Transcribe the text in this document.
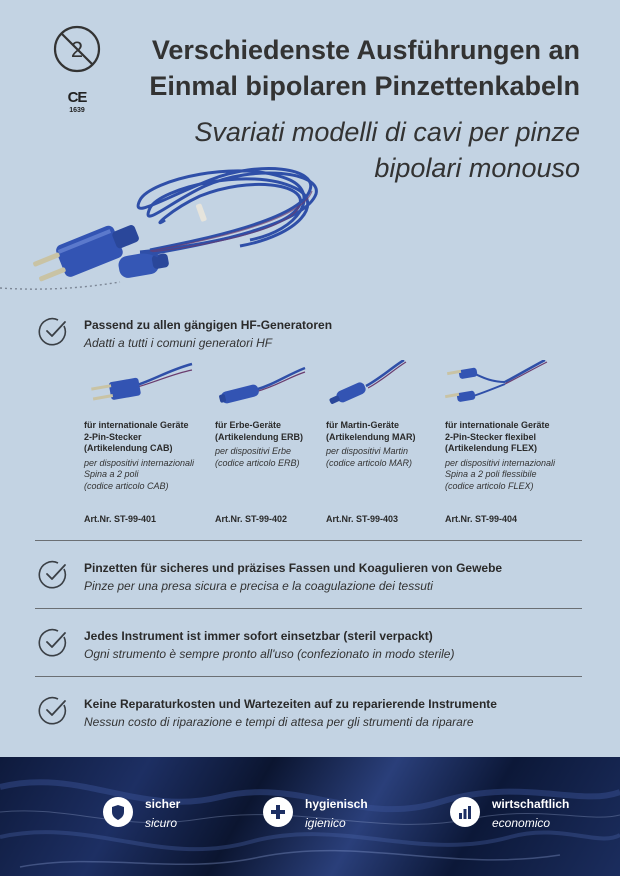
2
CE
1639
Verschiedenste Ausführungen an
Einmal bipolaren Pinzettenkabeln
Svariati modelli di cavi per pinze
bipolari monouso
Passend zu allen gängigen HF-Generatoren
Adatti a tutti i comuni generatori HF
für internationale Geräte
2-Pin-Stecker
(Artikelendung CAB)
per dispositivi internazionali
Spina a 2 poli
(codice articolo CAB)
Art.Nr. ST-99-401
für Erbe-Geräte
(Artikelendung ERB)
per dispositivi Erbe
(codice articolo ERB)
Art.Nr. ST-99-402
für Martin-Geräte
(Artikelendung MAR)
per dispositivi Martin
(codice articolo MAR)
Art.Nr. ST-99-403
für internationale Geräte
2-Pin-Stecker flexibel
(Artikelendung FLEX)
per dispositivi internazionali
Spina a 2 poli flessibile
(codice articolo FLEX)
Art.Nr. ST-99-404
Pinzetten für sicheres und präzises Fassen und Koagulieren von Gewebe
Pinze per una presa sicura e precisa e la coagulazione dei tessuti
Jedes Instrument ist immer sofort einsetzbar (steril verpackt)
Ogni strumento è sempre pronto all'uso (confezionato in modo sterile)
Keine Reparaturkosten und Wartezeiten auf zu reparierende Instrumente
Nessun costo di riparazione e tempi di attesa per gli strumenti da riparare
sicher
sicuro
hygienisch
igienico
wirtschaftlich
economico
